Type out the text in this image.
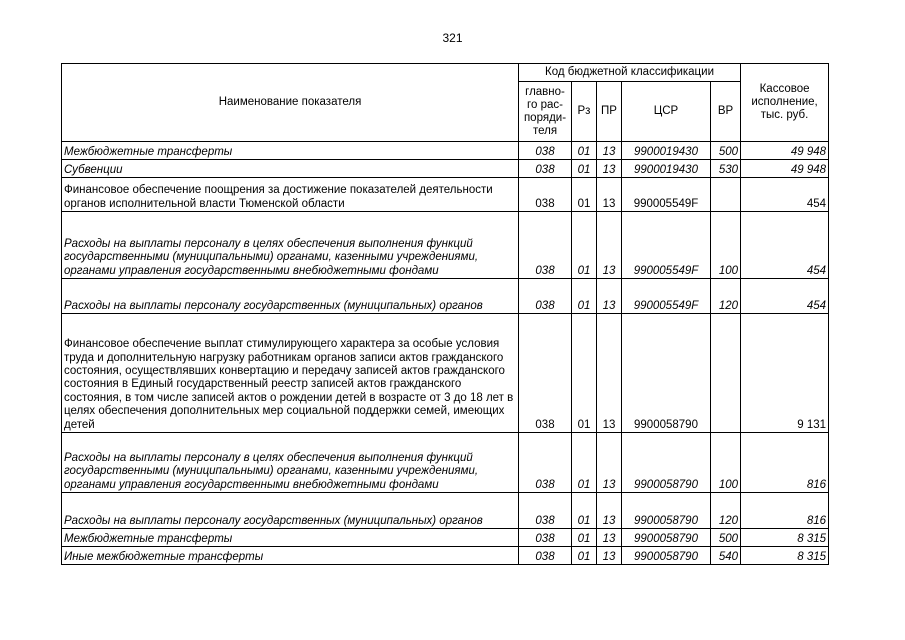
321
Наименование показателя	Код бюджетной классификации					Кассовое исполнение, тыс. руб.
	главно-го рас-поряди-теля	Рз	ПР	ЦСР	ВР	
Межбюджетные трансферты	038	01	13	9900019430	500	49 948
Субвенции	038	01	13	9900019430	530	49 948
Финансовое обеспечение поощрения за достижение показателей деятельности органов исполнительной власти Тюменской области	038	01	13	990005549F		454
Расходы на выплаты персоналу в целях обеспечения выполнения функций государственными (муниципальными) органами, казенными учреждениями, органами управления государственными внебюджетными фондами	038	01	13	990005549F	100	454
Расходы на выплаты персоналу государственных (муниципальных) органов	038	01	13	990005549F	120	454
Финансовое обеспечение выплат стимулирующего характера за особые условия труда и дополнительную нагрузку работникам органов записи актов гражданского состояния, осуществлявших конвертацию и передачу записей актов гражданского состояния в Единый государственный реестр записей актов гражданского состояния, в том числе записей актов о рождении детей в возрасте от 3 до 18 лет в целях обеспечения дополнительных мер социальной поддержки семей, имеющих детей	038	01	13	9900058790		9 131
Расходы на выплаты персоналу в целях обеспечения выполнения функций государственными (муниципальными) органами, казенными учреждениями, органами управления государственными внебюджетными фондами	038	01	13	9900058790	100	816
Расходы на выплаты персоналу государственных (муниципальных) органов	038	01	13	9900058790	120	816
Межбюджетные трансферты	038	01	13	9900058790	500	8 315
Иные межбюджетные трансферты	038	01	13	9900058790	540	8 315
